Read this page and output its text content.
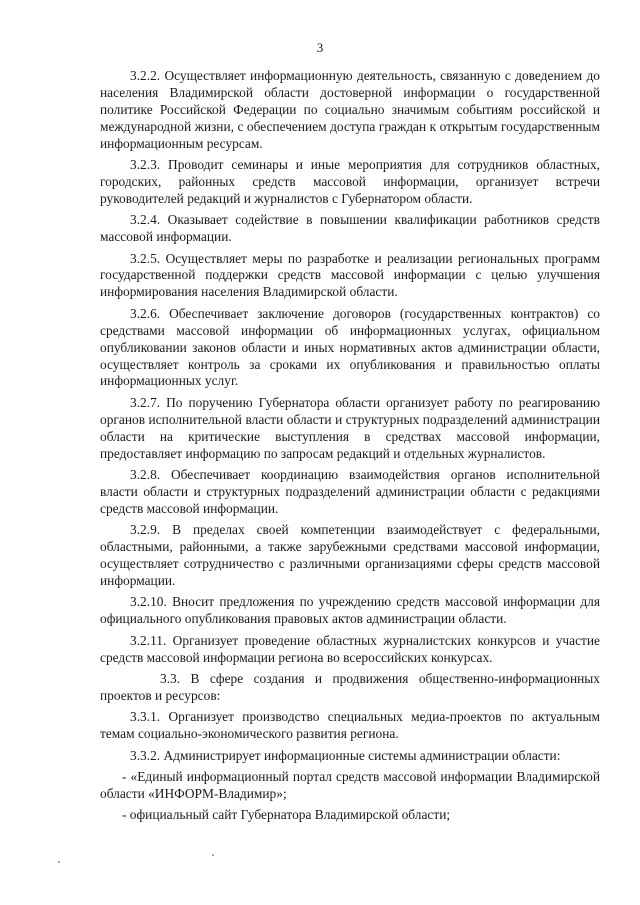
3

3.2.2. Осуществляет информационную деятельность, связанную с доведением до населения Владимирской области достоверной информации о государственной политике Российской Федерации по социально значимым событиям российской и международной жизни, с обеспечением доступа граждан к открытым государственным информационным ресурсам.

3.2.3. Проводит семинары и иные мероприятия для сотрудников областных, городских, районных средств массовой информации, организует встречи руководителей редакций и журналистов с Губернатором области.

3.2.4. Оказывает содействие в повышении квалификации работников средств массовой информации.

3.2.5. Осуществляет меры по разработке и реализации региональных программ государственной поддержки средств массовой информации с целью улучшения информирования населения Владимирской области.

3.2.6. Обеспечивает заключение договоров (государственных контрактов) со средствами массовой информации об информационных услугах, официальном опубликовании законов области и иных нормативных актов администрации области, осуществляет контроль за сроками их опубликования и правильностью оплаты информационных услуг.

3.2.7. По поручению Губернатора области организует работу по реагированию органов исполнительной власти области и структурных подразделений администрации области на критические выступления в средствах массовой информации, предоставляет информацию по запросам редакций и отдельных журналистов.

3.2.8. Обеспечивает координацию взаимодействия органов исполнительной власти области и структурных подразделений администрации области с редакциями средств массовой информации.

3.2.9. В пределах своей компетенции взаимодействует с федеральными, областными, районными, а также зарубежными средствами массовой информации, осуществляет сотрудничество с различными организациями сферы средств массовой информации.

3.2.10. Вносит предложения по учреждению средств массовой информации для официального опубликования правовых актов администрации области.

3.2.11. Организует проведение областных журналистских конкурсов и участие средств массовой информации региона во всероссийских конкурсах.

3.3. В сфере создания и продвижения общественно-информационных проектов и ресурсов:

3.3.1. Организует производство специальных медиа-проектов по актуальным темам социально-экономического развития региона.

3.3.2. Администрирует информационные системы администрации области:

- «Единый информационный портал средств массовой информации Владимирской области «ИНФОРМ-Владимир»;

- официальный сайт Губернатора Владимирской области;
